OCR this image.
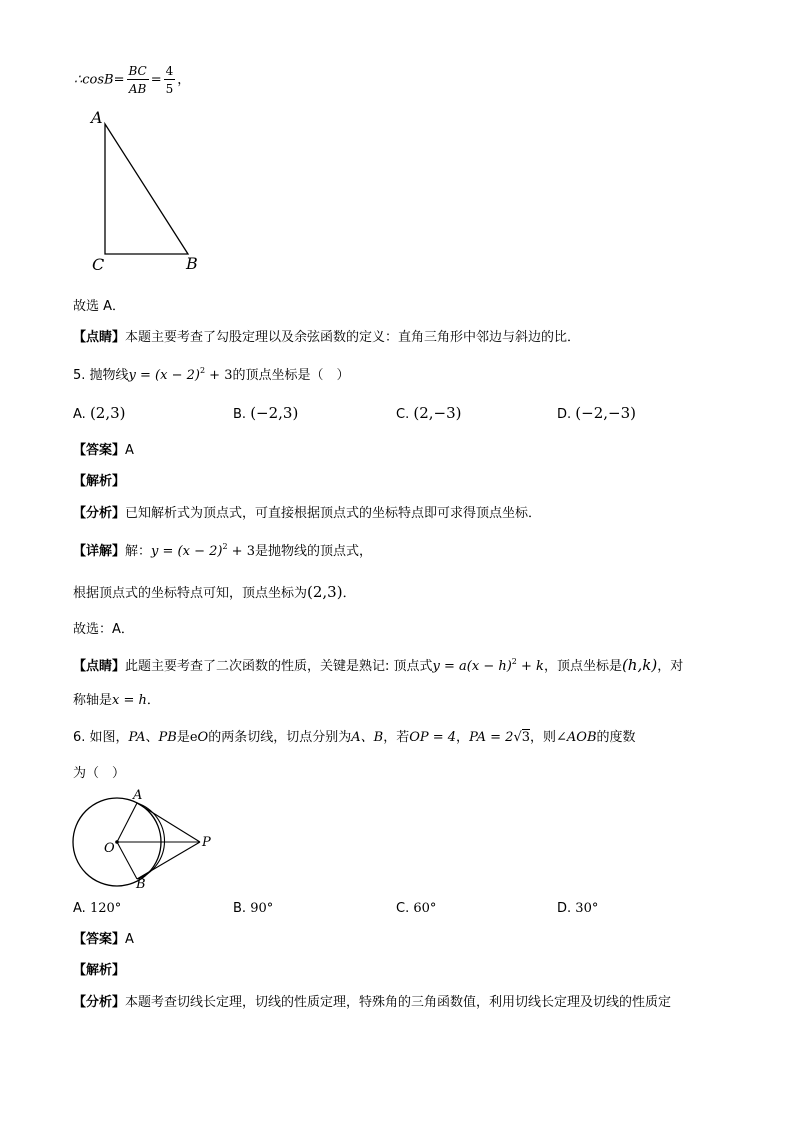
∴cosB= $\frac{BC}{AB} = \frac{4}{5}$ ，
A
C	B
故选 A．
【点睛】本题主要考查了勾股定理以及余弦函数的定义：直角三角形中邻边与斜边的比．
5. 抛物线$y = (x - 2)^2 + 3$的顶点坐标是（　）
A. (2,3)	B. (−2,3)	C. (2,−3)	D. (−2,−3)
【答案】A
【解析】
【分析】已知解析式为顶点式，可直接根据顶点式的坐标特点即可求得顶点坐标．
【详解】解：$y = (x - 2)^2 + 3$是抛物线的顶点式，
根据顶点式的坐标特点可知，顶点坐标为(2,3)．
故选：A．
【点睛】此题主要考查了二次函数的性质，关键是熟记: 顶点式$y = a(x - h)^2 + k$，顶点坐标是(h,k)，对
称轴是x = h．
6. 如图，PA、PB是eO的两条切线，切点分别为A、B，若OP = 4，PA = 2√3，则∠AOB的度数
为（　）
A
O	P
B
A. 120°	B. 90°	C. 60°	D. 30°
【答案】A
【解析】
【分析】本题考查切线长定理，切线的性质定理，特殊角的三角函数值，利用切线长定理及切线的性质定
